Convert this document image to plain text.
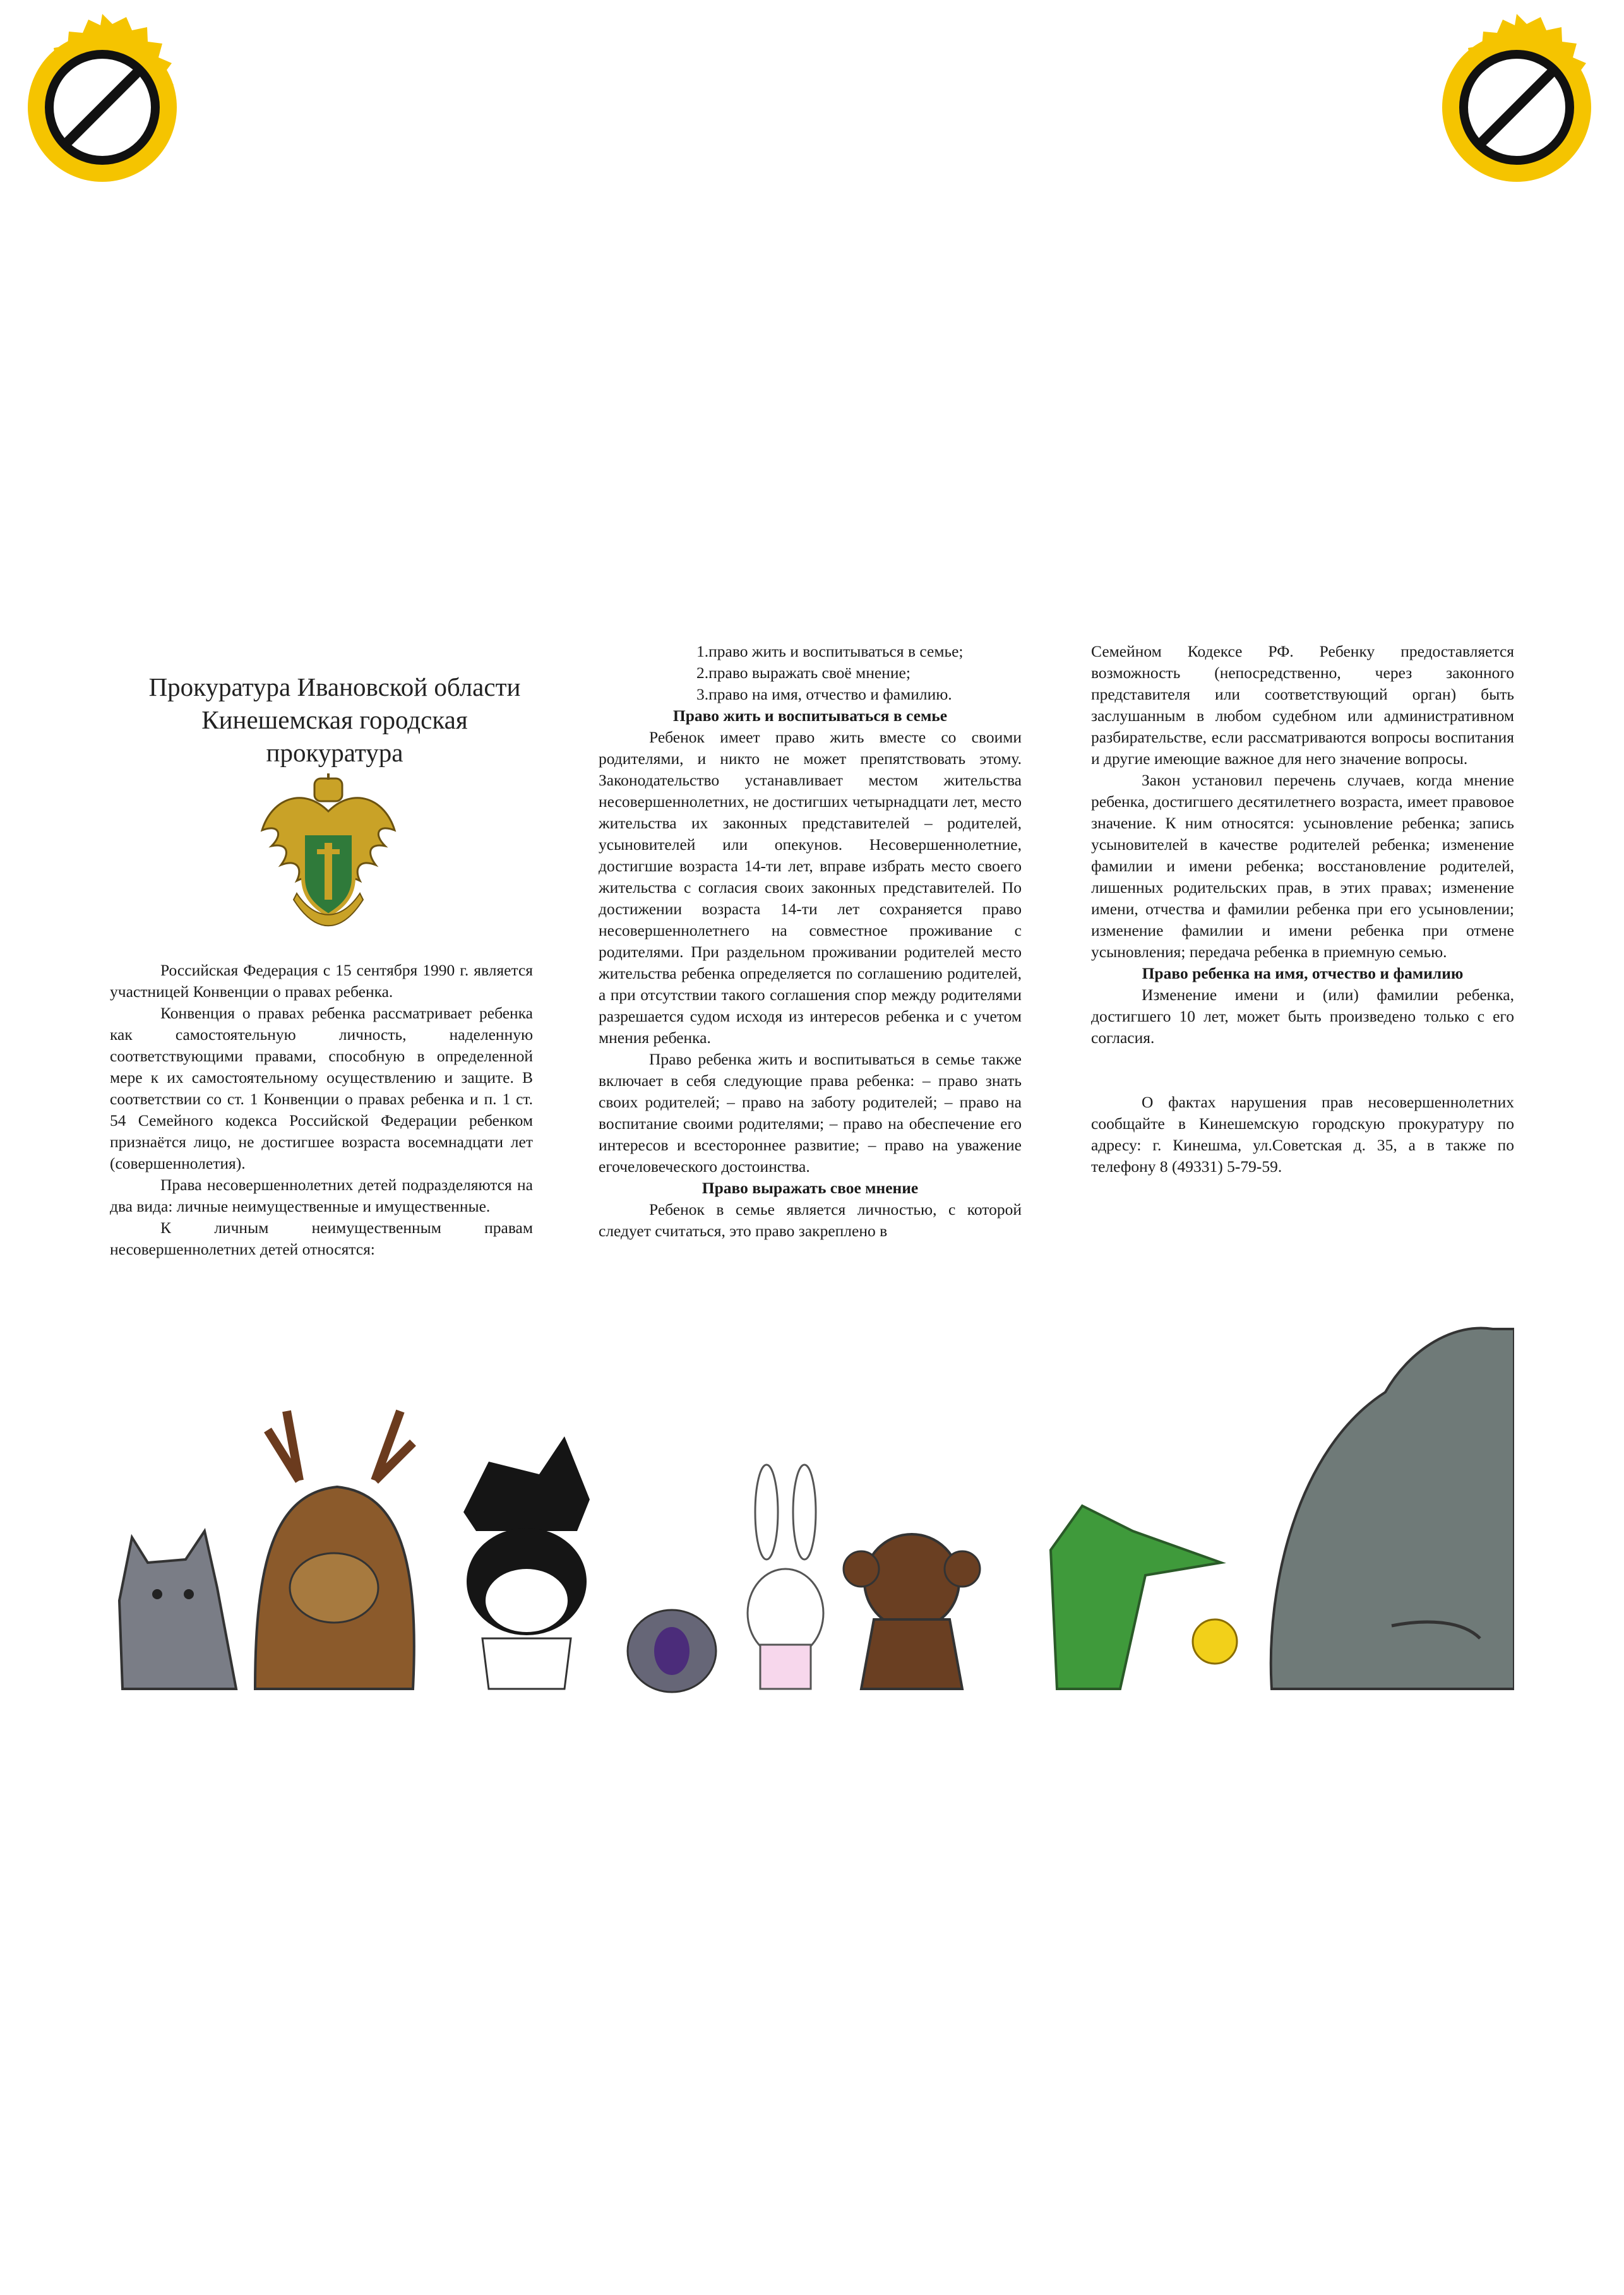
Прокуратура Ивановской области
Кинешемская городская
прокуратура

Российская Федерация с 15 сентября 1990 г. является участницей Конвенции о правах ребенка.

Конвенция о правах ребенка рассматривает ребенка как самостоятельную личность, наделенную соответствующими правами, способную в определенной мере к их самостоятельному осуществлению и защите. В соответствии со ст. 1 Конвенции о правах ребенка и п. 1 ст. 54 Семейного кодекса Российской Федерации ребенком признаётся лицо, не достигшее возраста восемнадцати лет (совершеннолетия).

Права несовершеннолетних детей подразделяются на два вида: личные неимущественные и имущественные.

К личным неимущественным правам несовершеннолетних детей относятся:

1.право жить и воспитываться в семье;

2.право выражать своё мнение;

3.право на имя, отчество и фамилию.

Право жить и воспитываться в семье

Ребенок имеет право жить вместе со своими родителями, и никто не может препятствовать этому. Законодательство устанавливает местом жительства несовершеннолетних, не достигших четырнадцати лет, место жительства их законных представителей – родителей, усыновителей или опекунов. Несовершеннолетние, достигшие возраста 14-ти лет, вправе избрать место своего жительства с согласия своих законных представителей. По достижении возраста 14-ти лет сохраняется право несовершеннолетнего на совместное проживание с родителями. При раздельном проживании родителей место жительства ребенка определяется по соглашению родителей, а при отсутствии такого соглашения спор между родителями разрешается судом исходя из интересов ребенка и с учетом мнения ребенка.

Право ребенка жить и воспитываться в семье также включает в себя следующие права ребенка: – право знать своих родителей; – право на заботу родителей; – право на воспитание своими родителями; – право на обеспечение его интересов и всестороннее развитие; – право на уважение егочеловеческого достоинства.

Право выражать свое мнение

Ребенок в семье является личностью, с которой следует считаться, это право закреплено в

Семейном Кодексе РФ. Ребенку предоставляется возможность (непосредственно, через законного представителя или соответствующий орган) быть заслушанным в любом судебном или административном разбирательстве, если рассматриваются вопросы воспитания и другие имеющие важное для него значение вопросы.

Закон установил перечень случаев, когда мнение ребенка, достигшего десятилетнего возраста, имеет правовое значение. К ним относятся: усыновление ребенка; запись усыновителей в качестве родителей ребенка; изменение фамилии и имени ребенка; восстановление родителей, лишенных родительских прав, в этих правах; изменение имени, отчества и фамилии ребенка при его усыновлении; изменение фамилии и имени ребенка при отмене усыновления; передача ребенка в приемную семью.

Право ребенка на имя, отчество и фамилию

Изменение имени и (или) фамилии ребенка, достигшего 10 лет, может быть произведено только с его согласия.

О фактах нарушения прав несовершеннолетних сообщайте в Кинешемскую городскую прокуратуру по адресу: г. Кинешма, ул.Советская д. 35, а в также по телефону 8 (49331) 5-79-59.
